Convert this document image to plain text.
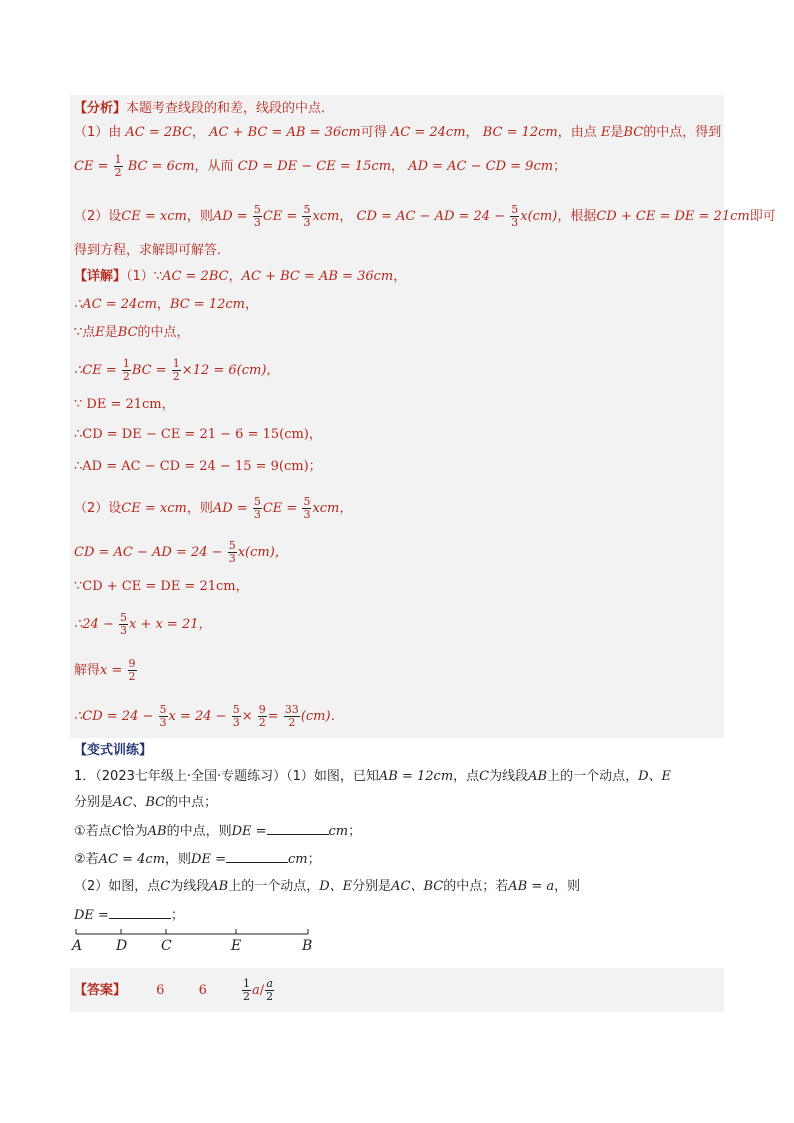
【分析】本题考查线段的和差，线段的中点．
（1）由 AC = 2BC， AC + BC = AB = 36cm可得 AC = 24cm， BC = 12cm，由点 E是BC的中点，得到
CE = $\frac{1}{2}$ BC = 6cm，从而 CD = DE − CE = 15cm， AD = AC − CD = 9cm；
（2）设CE = xcm，则AD = $\frac{5}{3}$ CE = $\frac{5}{3}$ xcm， CD = AC − AD = $24 - \frac{5}{3} x(cm)$，根据CD + CE = DE = 21cm即可
得到方程，求解即可解答．
【详解】（1）∵AC = 2BC，AC + BC = AB = 36cm，
∴AC = 24cm，BC = 12cm，
∵点E是BC的中点，
∴CE = $\frac{1}{2}$ BC = $\frac{1}{2} \times 12 = 6(cm)$，
∵ DE = 21cm，
∴CD = DE − CE = 21 − 6 = 15(cm)，
∴AD = AC − CD = 24 − 15 = 9(cm)；
（2）设CE = xcm，则AD = $\frac{5}{3}$ CE = $\frac{5}{3}$ xcm，
CD = AC − AD = $24 - \frac{5}{3} x(cm)$，
∵CD + CE = DE = 21cm，
∴24 − $\frac{5}{3}$ x + x = 21，
解得$x = \frac{9}{2}$
∴CD = $24 - \frac{5}{3}$ $x = 24 - \frac{5}{3} \times \frac{9}{2} = \frac{33}{2} (cm)$．
【变式训练】
1．（2023七年级上·全国·专题练习）（1）如图，已知AB = 12cm，点C为线段AB上的一个动点，D、E
分别是AC、BC的中点；
①若点C恰为AB的中点，则DE =	cm；
②若AC = 4cm，则DE =	cm；
（2）如图，点C为线段AB上的一个动点，D、E分别是AC、BC的中点；若AB = a，则
DE =	；
A D C	E	B
【答案】 6	6	$\frac{1}{2} a/ \frac{a}{2}$
